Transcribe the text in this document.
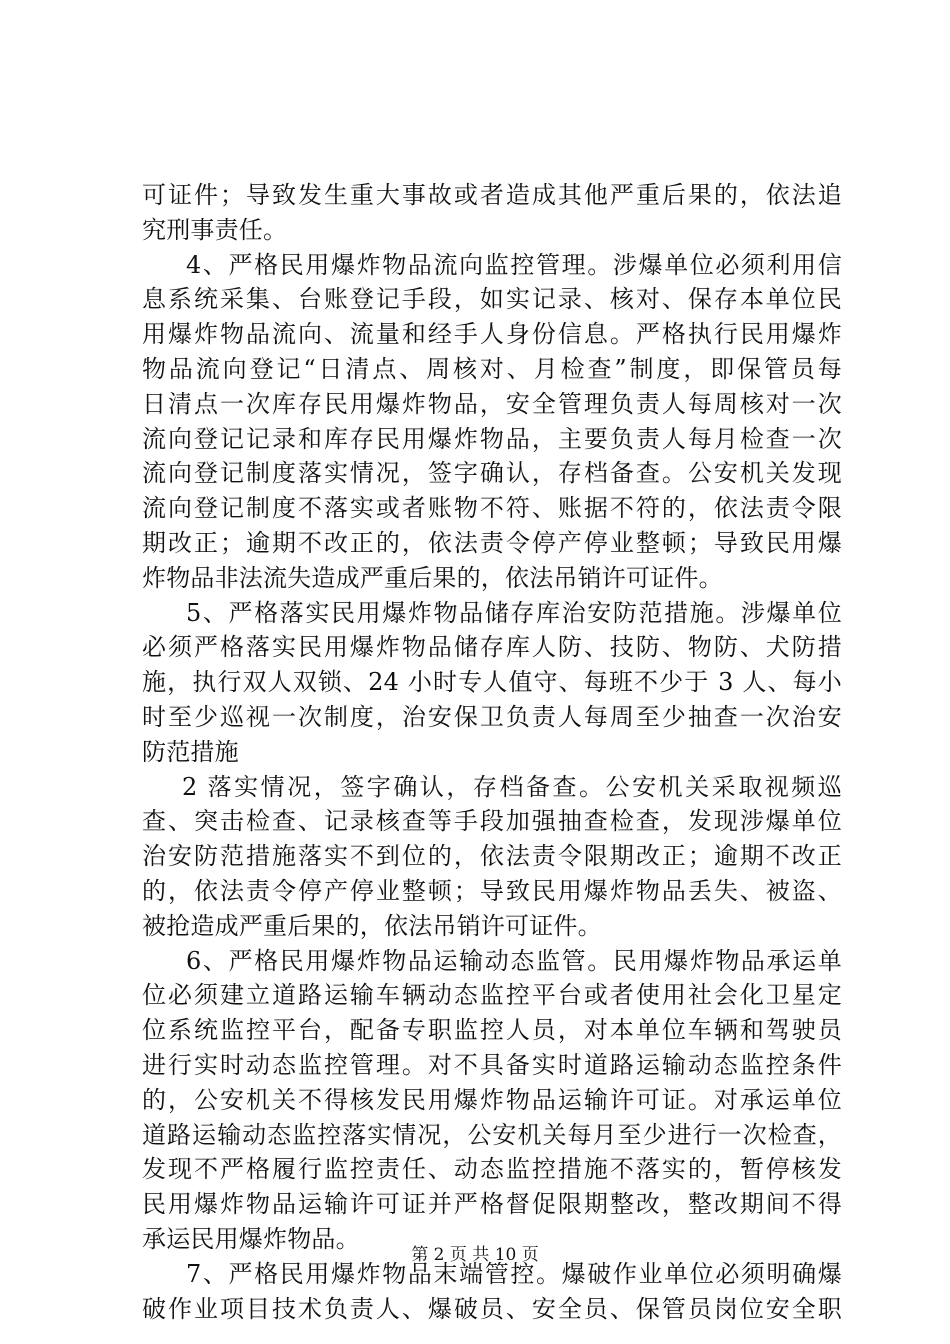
可证件；导致发生重大事故或者造成其他严重后果的，依法追
究刑事责任。
4、严格民用爆炸物品流向监控管理。涉爆单位必须利用信
息系统采集、台账登记手段，如实记录、核对、保存本单位民
用爆炸物品流向、流量和经手人身份信息。严格执行民用爆炸
物品流向登记“日清点、周核对、月检查”制度，即保管员每
日清点一次库存民用爆炸物品，安全管理负责人每周核对一次
流向登记记录和库存民用爆炸物品，主要负责人每月检查一次
流向登记制度落实情况，签字确认，存档备查。公安机关发现
流向登记制度不落实或者账物不符、账据不符的，依法责令限
期改正；逾期不改正的，依法责令停产停业整顿；导致民用爆
炸物品非法流失造成严重后果的，依法吊销许可证件。
5、严格落实民用爆炸物品储存库治安防范措施。涉爆单位
必须严格落实民用爆炸物品储存库人防、技防、物防、犬防措
施，执行双人双锁、24 小时专人值守、每班不少于 3 人、每小
时至少巡视一次制度，治安保卫负责人每周至少抽查一次治安
防范措施
2 落实情况，签字确认，存档备查。公安机关采取视频巡
查、突击检查、记录核查等手段加强抽查检查，发现涉爆单位
治安防范措施落实不到位的，依法责令限期改正；逾期不改正
的，依法责令停产停业整顿；导致民用爆炸物品丢失、被盗、
被抢造成严重后果的，依法吊销许可证件。
6、严格民用爆炸物品运输动态监管。民用爆炸物品承运单
位必须建立道路运输车辆动态监控平台或者使用社会化卫星定
位系统监控平台，配备专职监控人员，对本单位车辆和驾驶员
进行实时动态监控管理。对不具备实时道路运输动态监控条件
的，公安机关不得核发民用爆炸物品运输许可证。对承运单位
道路运输动态监控落实情况，公安机关每月至少进行一次检查，
发现不严格履行监控责任、动态监控措施不落实的，暂停核发
民用爆炸物品运输许可证并严格督促限期整改，整改期间不得
承运民用爆炸物品。
7、严格民用爆炸物品末端管控。爆破作业单位必须明确爆
破作业项目技术负责人、爆破员、安全员、保管员岗位安全职
第 2 页 共 10 页
